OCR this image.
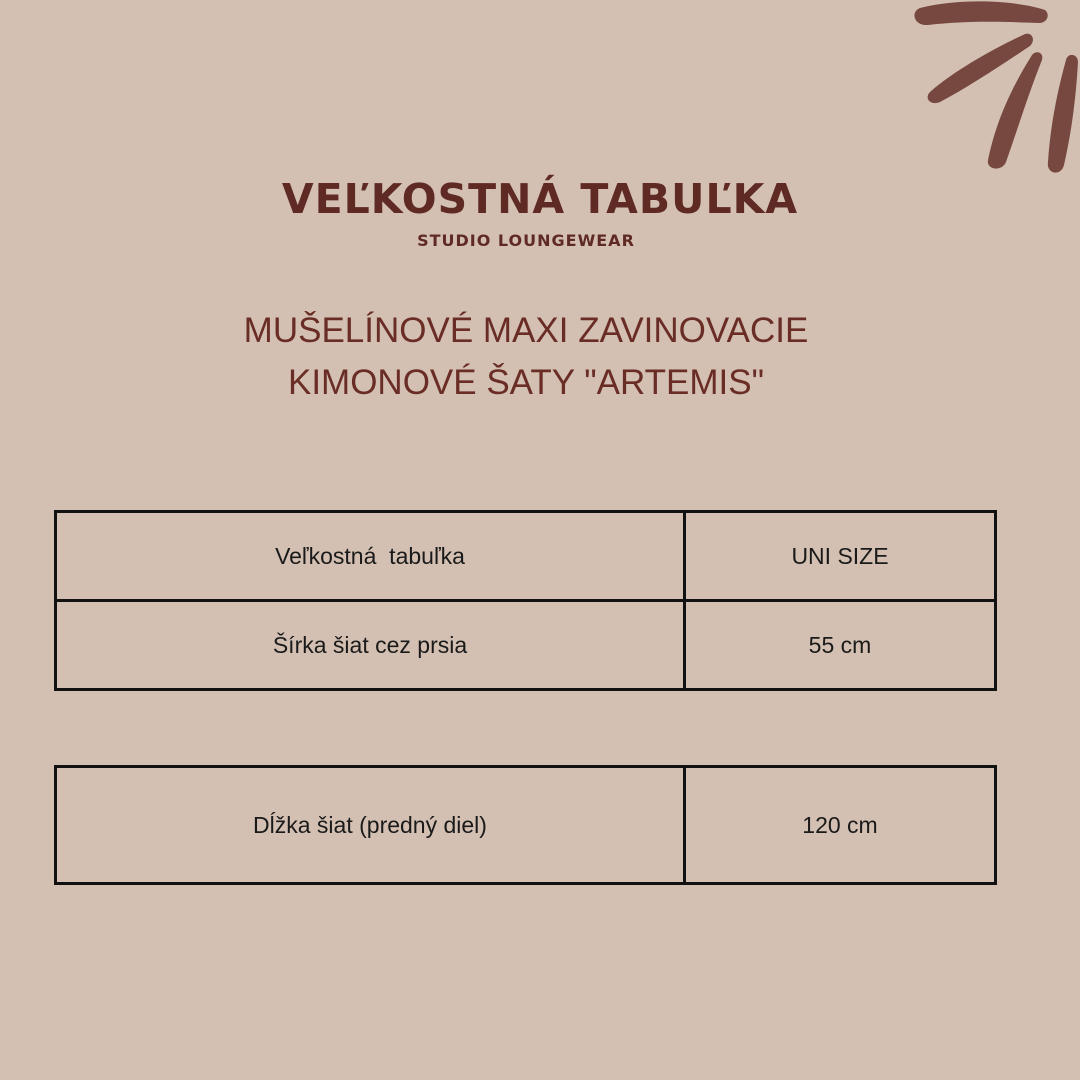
VEĽKOSTNÁ TABUĽKA
STUDIO LOUNGEWEAR
MUŠELÍNOVÉ MAXI ZAVINOVACIE
KIMONOVÉ ŠATY "ARTEMIS"
Veľkostná  tabuľka	UNI SIZE
Šírka šiat cez prsia	55 cm
Dĺžka šiat (predný diel)	120 cm
